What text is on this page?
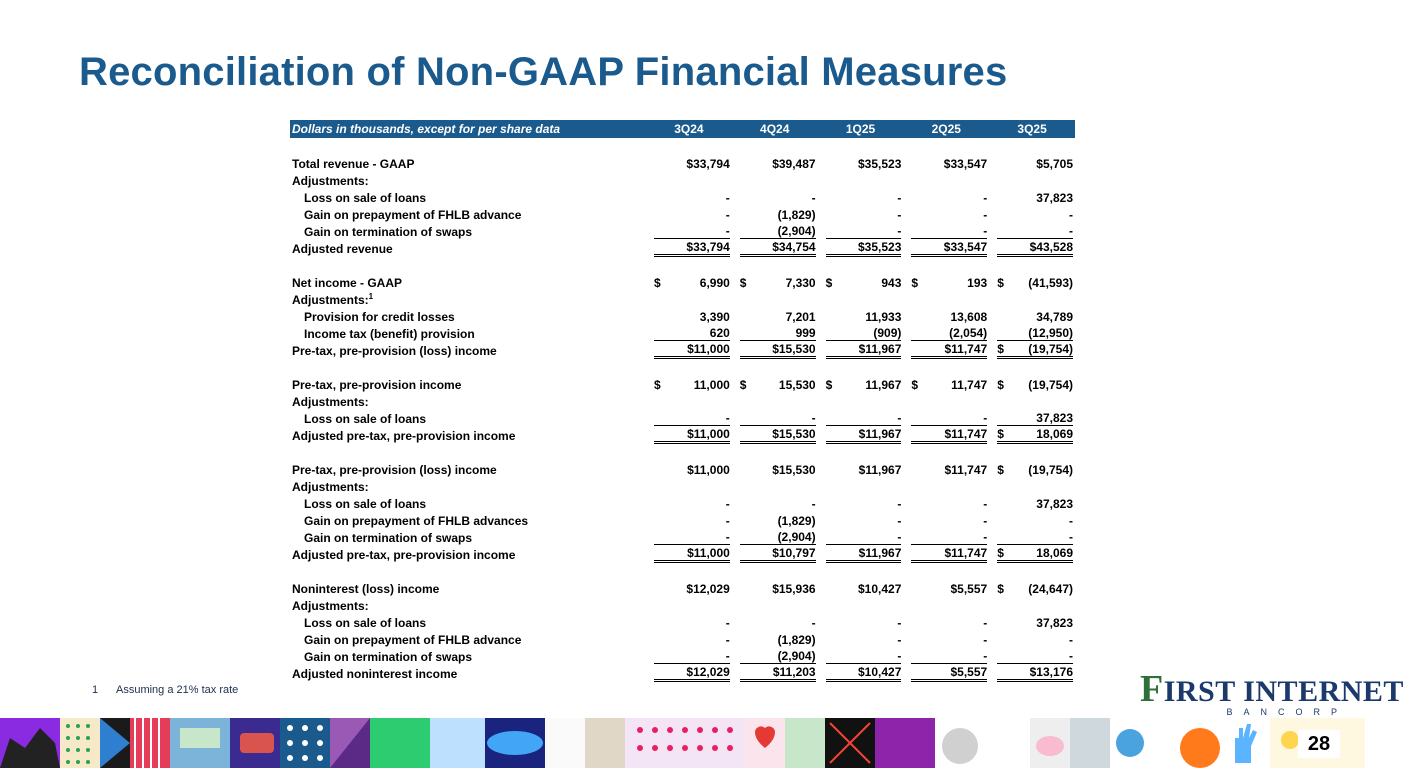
Reconciliation of Non-GAAP Financial Measures
Dollars in thousands, except for per share data	3Q24	4Q24	1Q25	2Q25	3Q25

Total revenue - GAAP	$33,794	$39,487	$35,523	$33,547	$5,705

Adjustments:	

Loss on sale of loans	-	-	-	-	37,823

Gain on prepayment of FHLB advance	-	(1,829)	-	-	-

Gain on termination of swaps	-	(2,904)	-	-	-

Adjusted revenue	$33,794	$34,754	$35,523	$33,547	$43,528

Net income - GAAP	$ 6,990	$ 7,330	$ 943	$ 193	$ (41,593)

Adjustments:$^1$	

Provision for credit losses	3,390	7,201	11,933	13,608	34,789

Income tax (benefit) provision	620	999	(909)	(2,054)	(12,950)

Pre-tax, pre-provision (loss) income	$11,000	$15,530	$11,967	$11,747	$ (19,754)

Pre-tax, pre-provision income	$ 11,000	$ 15,530	$ 11,967	$ 11,747	$ (19,754)

Adjustments:	

Loss on sale of loans	-	-	-	-	37,823

Adjusted pre-tax, pre-provision income	$11,000	$15,530	$11,967	$11,747	$ 18,069

Pre-tax, pre-provision (loss) income	$11,000	$15,530	$11,967	$11,747	$ (19,754)

Adjustments:	

Loss on sale of loans	-	-	-	-	37,823

Gain on prepayment of FHLB advances	-	(1,829)	-	-	-

Gain on termination of swaps	-	(2,904)	-	-	-

Adjusted pre-tax, pre-provision income	$11,000	$10,797	$11,967	$11,747	$ 18,069

Noninterest (loss) income	$12,029	$15,936	$10,427	$5,557	$ (24,647)

Adjustments:	

Loss on sale of loans	-	-	-	-	37,823

Gain on prepayment of FHLB advance	-	(1,829)	-	-	-

Gain on termination of swaps	-	(2,904)	-	-	-

Adjusted noninterest income	$12,029	$11,203	$10,427	$5,557	$13,176
1 Assuming a 21% tax rate	FIRST INTERNET
BANCORP
28
